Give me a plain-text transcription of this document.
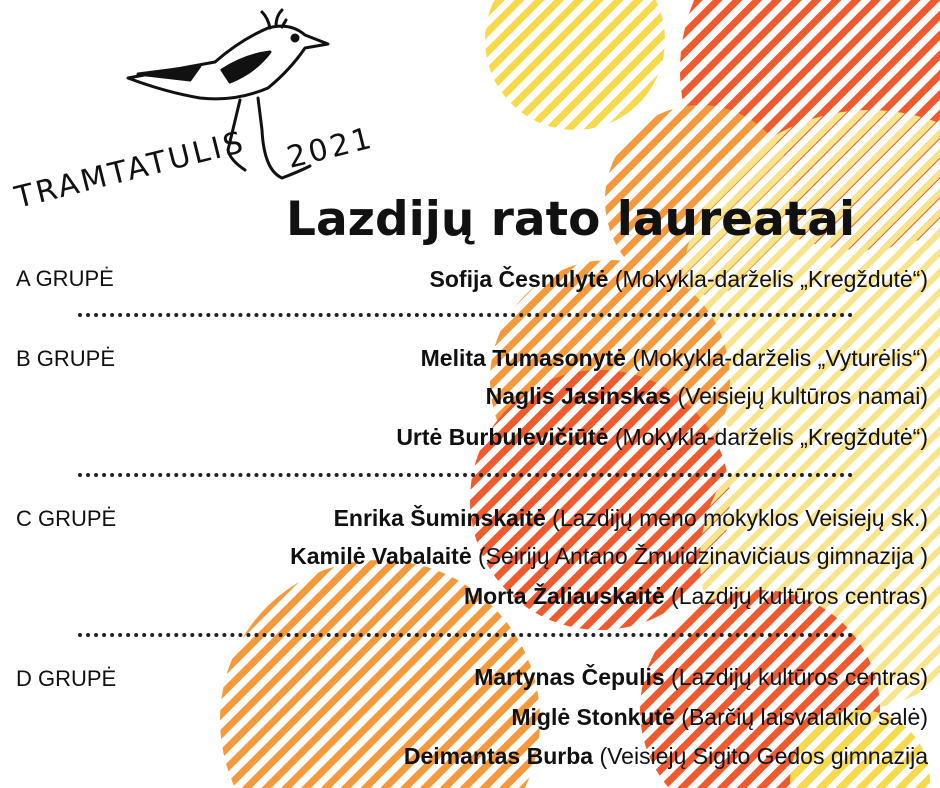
TRAMTATULIS 2021
Lazdijų rato laureatai
A GRUPĖ	Sofija Česnulytė (Mokykla-darželis „Kregždutė“)
B GRUPĖ	Melita Tumasonytė (Mokykla-darželis „Vyturėlis“)
Naglis Jasinskas (Veisiejų kultūros namai)
Urtė Burbulevičiūtė (Mokykla-darželis „Kregždutė“)
C GRUPĖ	Enrika Šuminskaitė (Lazdijų meno mokyklos Veisiejų sk.)
Kamilė Vabalaitė (Seirijų Antano Žmuidzinavičiaus gimnazija )
Morta Žaliauskaitė (Lazdijų kultūros centras)
D GRUPĖ	Martynas Čepulis (Lazdijų kultūros centras)
Miglė Stonkutė (Barčių laisvalaikio salė)
Deimantas Burba (Veisiejų Sigito Gedos gimnazija
